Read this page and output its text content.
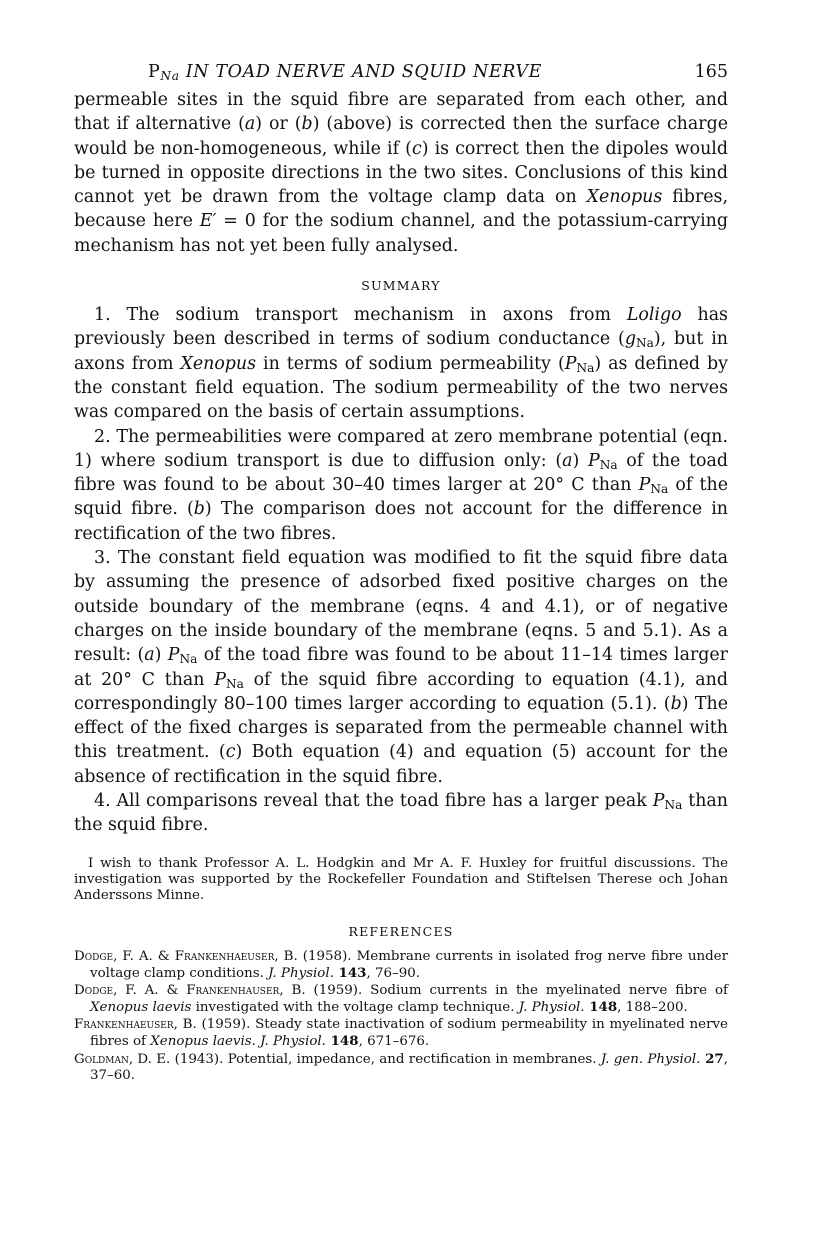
$P_{Na}$ IN TOAD NERVE AND SQUID NERVE	165

permeable sites in the squid fibre are separated from each other, and that if alternative (a) or (b) (above) is corrected then the surface charge would be non-homogeneous, while if (c) is correct then the dipoles would be turned in opposite directions in the two sites. Conclusions of this kind cannot yet be drawn from the voltage clamp data on Xenopus fibres, because here E′ = 0 for the sodium channel, and the potassium-carrying mechanism has not yet been fully analysed.

SUMMARY

1. The sodium transport mechanism in axons from Loligo has previously been described in terms of sodium conductance $(g_{Na})$, but in axons from Xenopus in terms of sodium permeability $(P_{Na})$ as defined by the constant field equation. The sodium permeability of the two nerves was compared on the basis of certain assumptions.

2. The permeabilities were compared at zero membrane potential (eqn. 1) where sodium transport is due to diffusion only: (a) $P_{Na}$ of the toad fibre was found to be about 30–40 times larger at 20° C than $P_{Na}$ of the squid fibre. (b) The comparison does not account for the difference in rectification of the two fibres.

3. The constant field equation was modified to fit the squid fibre data by assuming the presence of adsorbed fixed positive charges on the outside boundary of the membrane (eqns. 4 and 4.1), or of negative charges on the inside boundary of the membrane (eqns. 5 and 5.1). As a result: (a) $P_{Na}$ of the toad fibre was found to be about 11–14 times larger at 20° C than $P_{Na}$ of the squid fibre according to equation (4.1), and correspondingly 80–100 times larger according to equation (5.1). (b) The effect of the fixed charges is separated from the permeable channel with this treatment. (c) Both equation (4) and equation (5) account for the absence of rectification in the squid fibre.

4. All comparisons reveal that the toad fibre has a larger peak $P_{Na}$ than the squid fibre.

I wish to thank Professor A. L. Hodgkin and Mr A. F. Huxley for fruitful discussions. The investigation was supported by the Rockefeller Foundation and Stiftelsen Therese och Johan Anderssons Minne.

REFERENCES

Dodge, F. A. & Frankenhaeuser, B. (1958). Membrane currents in isolated frog nerve fibre under voltage clamp conditions. J. Physiol. 143, 76–90.

Dodge, F. A. & Frankenhauser, B. (1959). Sodium currents in the myelinated nerve fibre of Xenopus laevis investigated with the voltage clamp technique. J. Physiol. 148, 188–200.

Frankenhaeuser, B. (1959). Steady state inactivation of sodium permeability in myelinated nerve fibres of Xenopus laevis. J. Physiol. 148, 671–676.

Goldman, D. E. (1943). Potential, impedance, and rectification in membranes. J. gen. Physiol. 27, 37–60.
